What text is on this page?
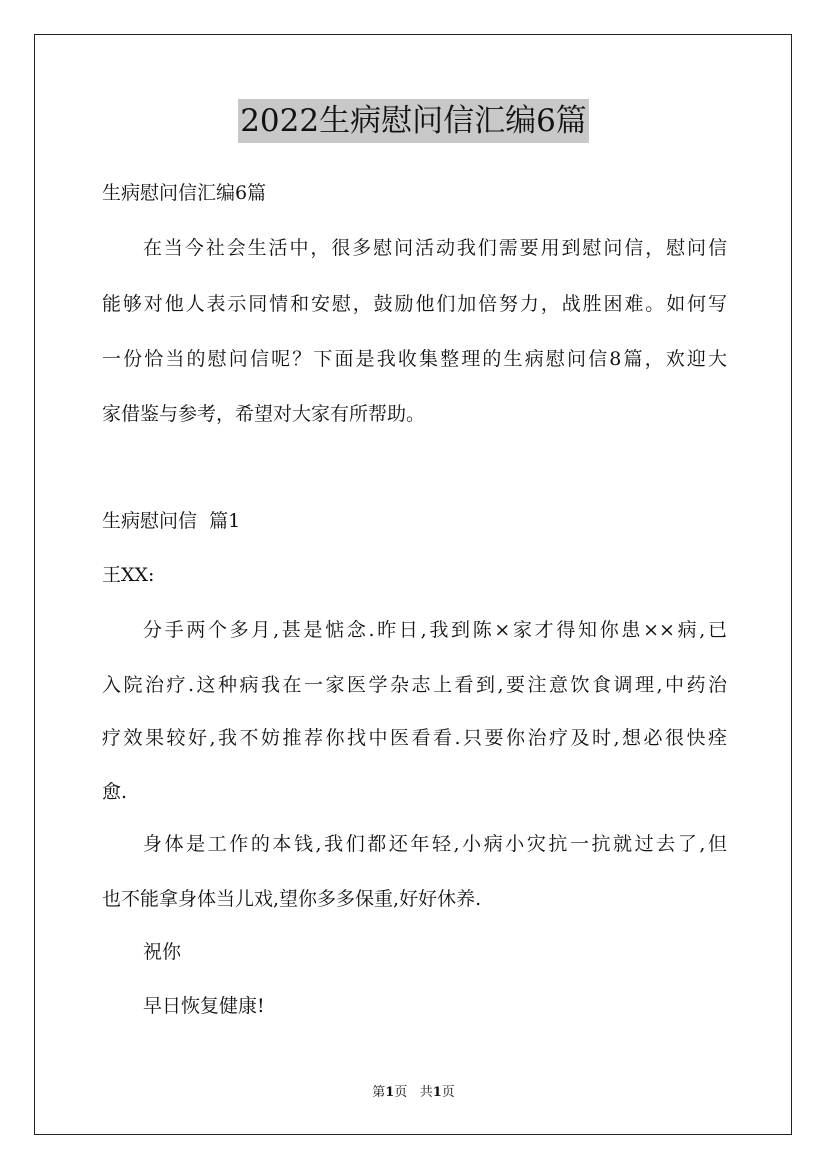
2022生病慰问信汇编6篇
生病慰问信汇编6篇
在当今社会生活中，很多慰问活动我们需要用到慰问信，慰问信
能够对他人表示同情和安慰，鼓励他们加倍努力，战胜困难。如何写
一份恰当的慰问信呢？下面是我收集整理的生病慰问信8篇，欢迎大
家借鉴与参考，希望对大家有所帮助。
生病慰问信  篇1
王XX:
分手两个多月,甚是惦念.昨日,我到陈×家才得知你患××病,已
入院治疗.这种病我在一家医学杂志上看到,要注意饮食调理,中药治
疗效果较好,我不妨推荐你找中医看看.只要你治疗及时,想必很快痊
愈.
身体是工作的本钱,我们都还年轻,小病小灾抗一抗就过去了,但
也不能拿身体当儿戏,望你多多保重,好好休养.
祝你
早日恢复健康!
第1页   共1页
